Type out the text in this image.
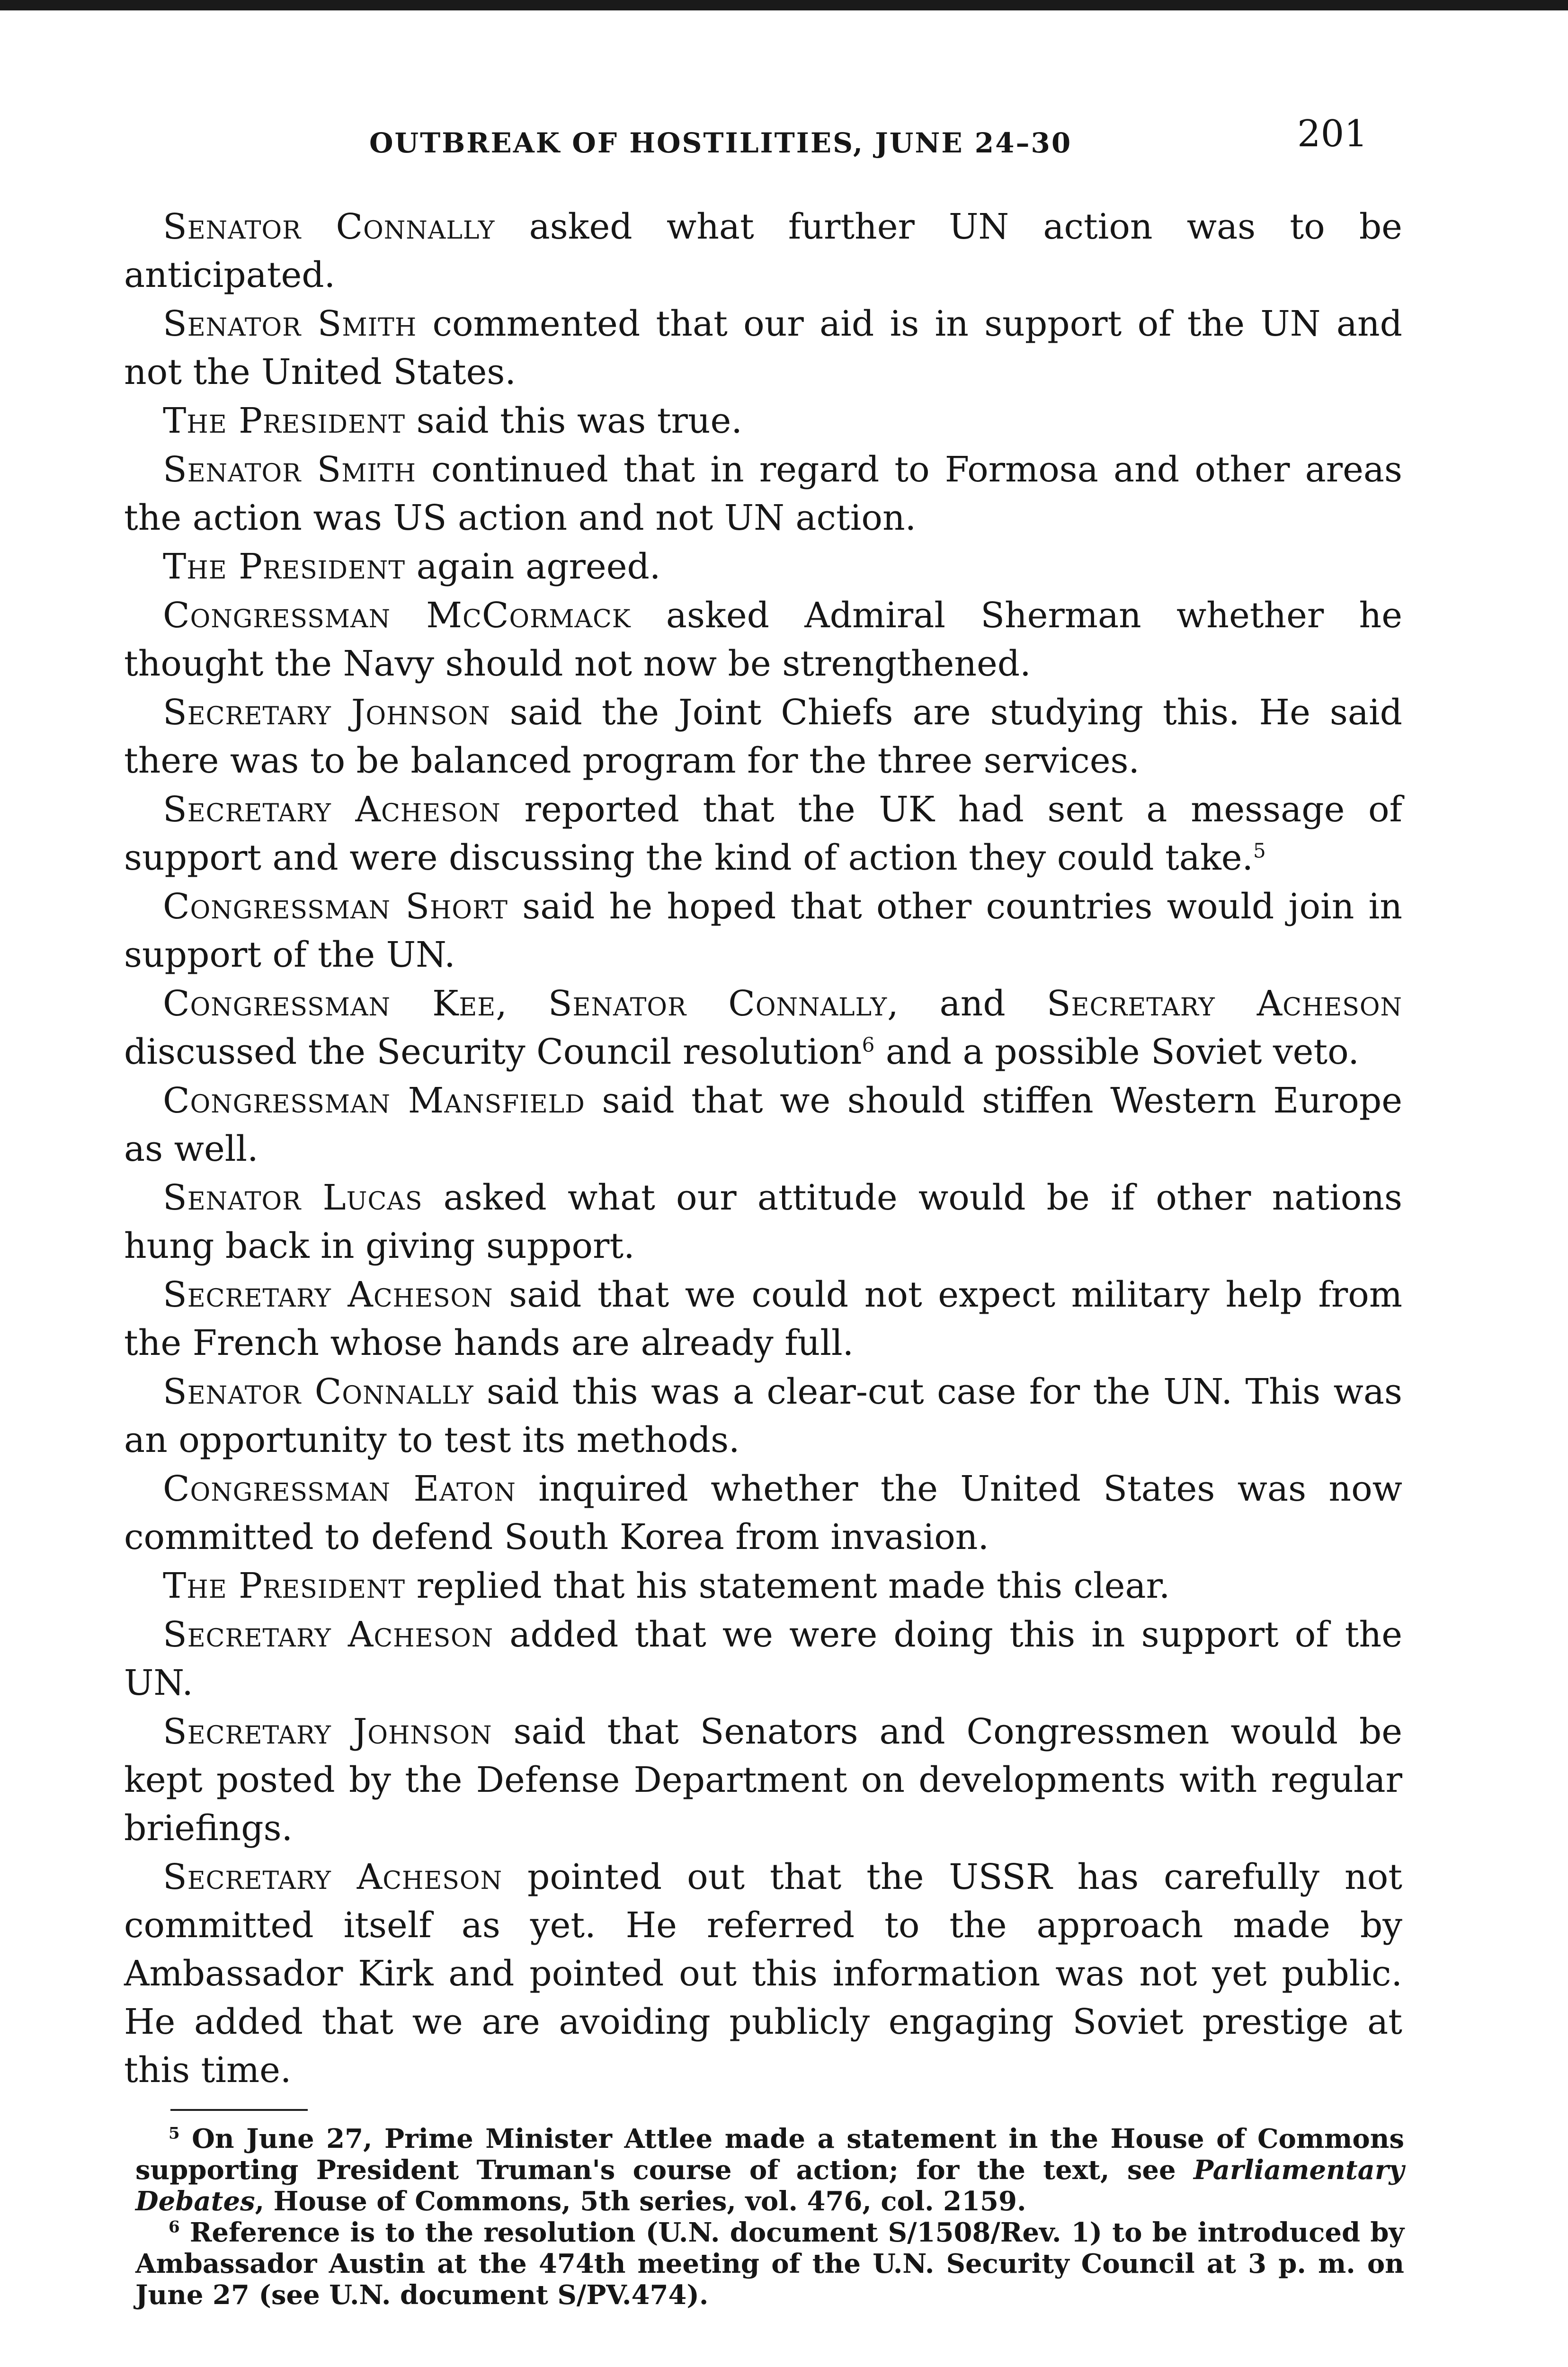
OUTBREAK OF HOSTILITIES, JUNE 24–30	201

Senator Connally asked what further UN action was to be anticipated.

Senator Smith commented that our aid is in support of the UN and not the United States.

The President said this was true.

Senator Smith continued that in regard to Formosa and other areas the action was US action and not UN action.

The President again agreed.

Congressman McCormack asked Admiral Sherman whether he thought the Navy should not now be strengthened.

Secretary Johnson said the Joint Chiefs are studying this. He said there was to be balanced program for the three services.

Secretary Acheson reported that the UK had sent a message of support and were discussing the kind of action they could take.$^5$

Congressman Short said he hoped that other countries would join in support of the UN.

Congressman Kee, Senator Connally, and Secretary Acheson discussed the Security Council resolution$^6$ and a possible Soviet veto.

Congressman Mansfield said that we should stiffen Western Europe as well.

Senator Lucas asked what our attitude would be if other nations hung back in giving support.

Secretary Acheson said that we could not expect military help from the French whose hands are already full.

Senator Connally said this was a clear-cut case for the UN. This was an opportunity to test its methods.

Congressman Eaton inquired whether the United States was now committed to defend South Korea from invasion.

The President replied that his statement made this clear.

Secretary Acheson added that we were doing this in support of the UN.

Secretary Johnson said that Senators and Congressmen would be kept posted by the Defense Department on developments with regular briefings.

Secretary Acheson pointed out that the USSR has carefully not committed itself as yet. He referred to the approach made by Ambassador Kirk and pointed out this information was not yet public. He added that we are avoiding publicly engaging Soviet prestige at this time.

$^5$ On June 27, Prime Minister Attlee made a statement in the House of Commons supporting President Truman's course of action; for the text, see Parliamentary Debates, House of Commons, 5th series, vol. 476, col. 2159.

$^6$ Reference is to the resolution (U.N. document S/1508/Rev. 1) to be introduced by Ambassador Austin at the 474th meeting of the U.N. Security Council at 3 p. m. on June 27 (see U.N. document S/PV.474).
